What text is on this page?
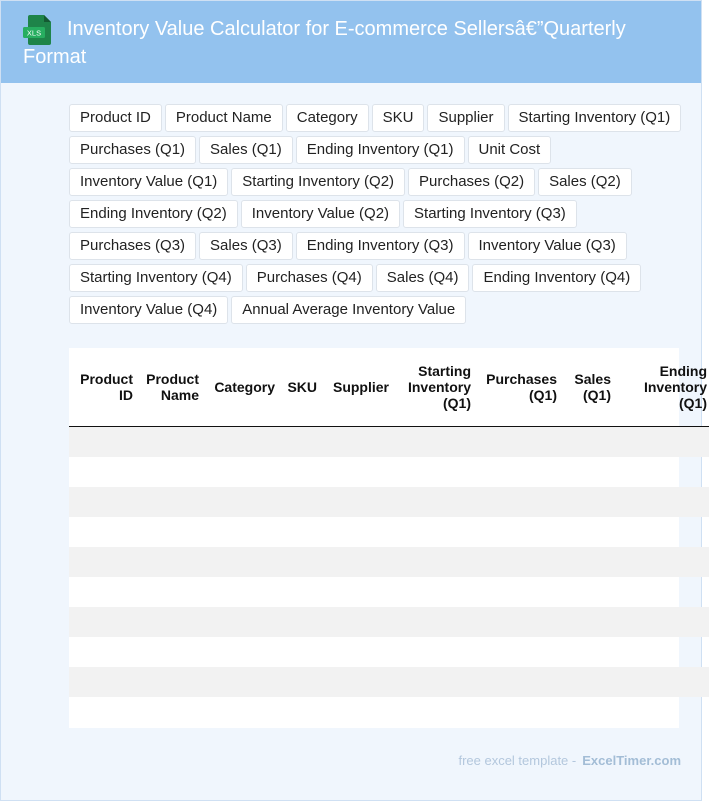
XLS	Inventory Value Calculator for E-commerce Sellersâ€”Quarterly Format
Product ID	Product Name	Category	SKU	Supplier	Starting Inventory (Q1)
Purchases (Q1)	Sales (Q1)	Ending Inventory (Q1)	Unit Cost
Inventory Value (Q1)	Starting Inventory (Q2)	Purchases (Q2)	Sales (Q2)
Ending Inventory (Q2)	Inventory Value (Q2)	Starting Inventory (Q3)
Purchases (Q3)	Sales (Q3)	Ending Inventory (Q3)	Inventory Value (Q3)
Starting Inventory (Q4)	Purchases (Q4)	Sales (Q4)	Ending Inventory (Q4)
Inventory Value (Q4)	Annual Average Inventory Value
Product ID	Product Name	Category	SKU	Supplier	Starting Inventory (Q1)	Purchases (Q1)	Sales (Q1)	Ending Inventory (Q1)

free excel template - ExcelTimer.com
